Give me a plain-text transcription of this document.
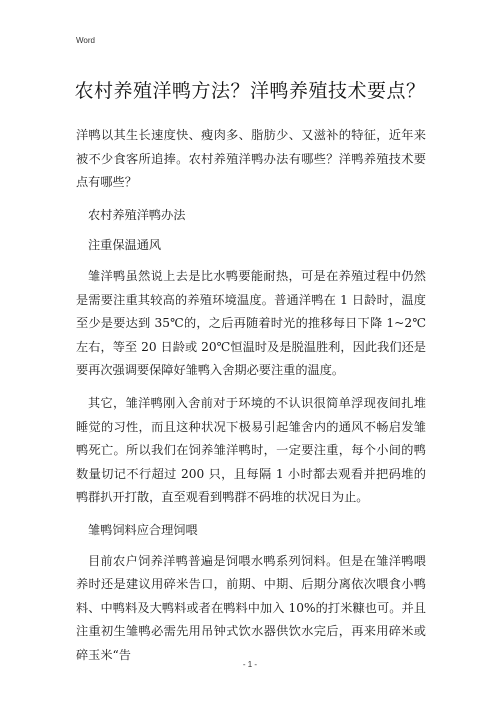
Word
农村养殖洋鸭方法？洋鸭养殖技术要点？

洋鸭以其生长速度快、瘦肉多、脂肪少、又滋补的特征，近年来被不少食客所追捧。农村养殖洋鸭办法有哪些？洋鸭养殖技术要点有哪些？

农村养殖洋鸭办法

注重保温通风

雏洋鸭虽然说上去是比水鸭要能耐热，可是在养殖过程中仍然是需要注重其较高的养殖环境温度。普通洋鸭在 1 日龄时，温度至少是要达到 35℃的，之后再随着时光的推移每日下降 1~2℃左右，等至 20 日龄或 20℃恒温时及是脱温胜利，因此我们还是要再次强调要保障好雏鸭入舍期必要注重的温度。

其它，雏洋鸭刚入舍前对于环境的不认识很简单浮现夜间扎堆睡觉的习性，而且这种状况下极易引起雏舍内的通风不畅启发雏鸭死亡。所以我们在饲养雏洋鸭时，一定要注重，每个小间的鸭数量切记不行超过 200 只，且每隔 1 小时都去观看并把码堆的鸭群扒开打散，直至观看到鸭群不码堆的状况日为止。

雏鸭饲料应合理饲喂

目前农户饲养洋鸭普遍是饲喂水鸭系列饲料。但是在雏洋鸭喂养时还是建议用碎米告口，前期、中期、后期分离依次喂食小鸭料、中鸭料及大鸭料或者在鸭料中加入 10%的打米糠也可。并且注重初生雏鸭必需先用吊钟式饮水器供饮水完后，再来用碎米或碎玉米“告

- 1 -
